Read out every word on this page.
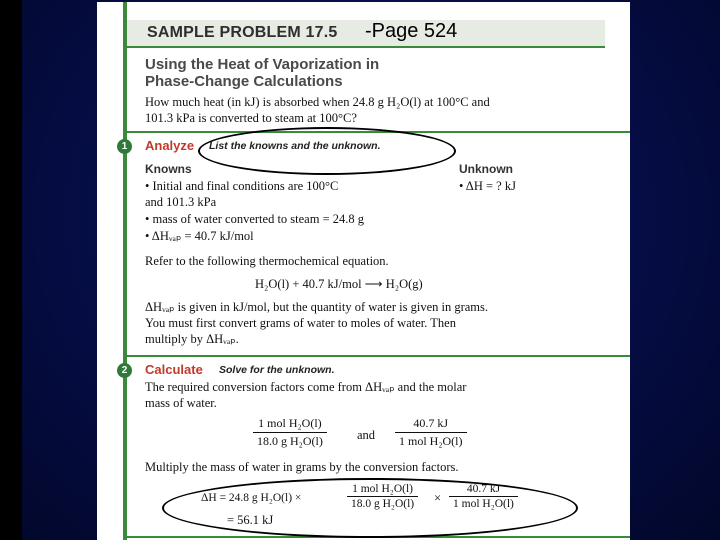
SAMPLE PROBLEM 17.5
Using the Heat of Vaporization in
Phase-Change Calculations
How much heat (in kJ) is absorbed when 24.8 g H₂O(l) at 100°C and
101.3 kPa is converted to steam at 100°C?
1	Analyze List the knowns and the unknown.
Knowns	Unknown
• Initial and final conditions are 100°C
and 101.3 kPa
• mass of water converted to steam = 24.8 g
• ΔHᵥₐₚ = 40.7 kJ/mol
• ΔH = ? kJ
Refer to the following thermochemical equation.
H₂O(l) + 40.7 kJ/mol ⟶ H₂O(g)
ΔHᵥₐₚ is given in kJ/mol, but the quantity of water is given in grams.
You must first convert grams of water to moles of water. Then
multiply by ΔHᵥₐₚ.
2	Calculate Solve for the unknown.
The required conversion factors come from ΔHᵥₐₚ and the molar
mass of water.
1 mol H₂O(l)
18.0 g H₂O(l)	and
40.7 kJ
1 mol H₂O(l)
Multiply the mass of water in grams by the conversion factors.
ΔH = 24.8 g H₂O(l) ×
1 mol H₂O(l)
18.0 g H₂O(l)	×
40.7 kJ
1 mol H₂O(l)
= 56.1 kJ
-Page 524
